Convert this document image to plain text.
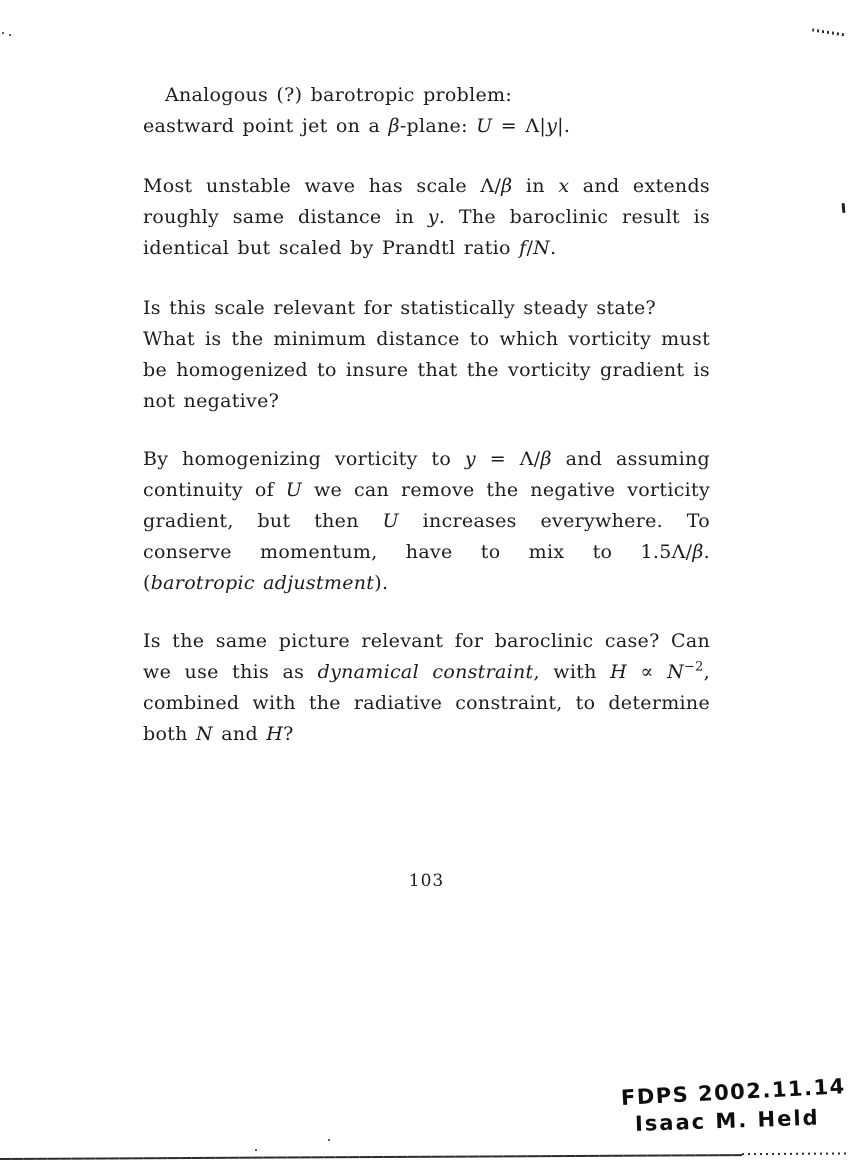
Analogous (?) barotropic problem:
eastward point jet on a β-plane: U = Λ|y|.
Most unstable wave has scale Λ/β in x and extends roughly same distance in y. The baroclinic result is identical but scaled by Prandtl ratio f/N.
Is this scale relevant for statistically steady state?
What is the minimum distance to which vorticity must be homogenized to insure that the vorticity gradient is not negative?
By homogenizing vorticity to y = Λ/β and assuming continuity of U we can remove the negative vorticity gradient, but then U increases everywhere. To conserve momentum, have to mix to 1.5Λ/β. (barotropic adjustment).
Is the same picture relevant for baroclinic case? Can we use this as dynamical constraint, with $H \propto N^{-2}$, combined with the radiative constraint, to determine both N and H?
103
FDPS 2002.11.14
Isaac M. Held
